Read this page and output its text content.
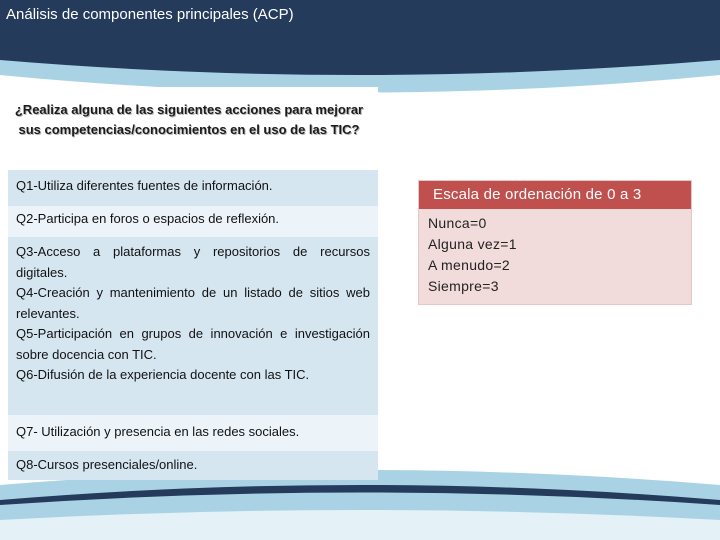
Análisis de componentes principales (ACP)
¿Realiza alguna de las siguientes acciones para mejorar
sus competencias/conocimientos en el uso de las TIC?
Q1-Utiliza diferentes fuentes de información.
Q2-Participa en foros o espacios de reflexión.
Q3-Acceso a plataformas y repositorios de recursos digitales.
Q4-Creación y mantenimiento de un listado de sitios web relevantes.
Q5-Participación en grupos de innovación e investigación sobre docencia con TIC.
Q6-Difusión de la experiencia docente con las TIC.
Q7- Utilización y presencia en las redes sociales.
Q8-Cursos presenciales/online.
Escala de ordenación de 0 a 3
Nunca=0
Alguna vez=1
A menudo=2
Siempre=3
